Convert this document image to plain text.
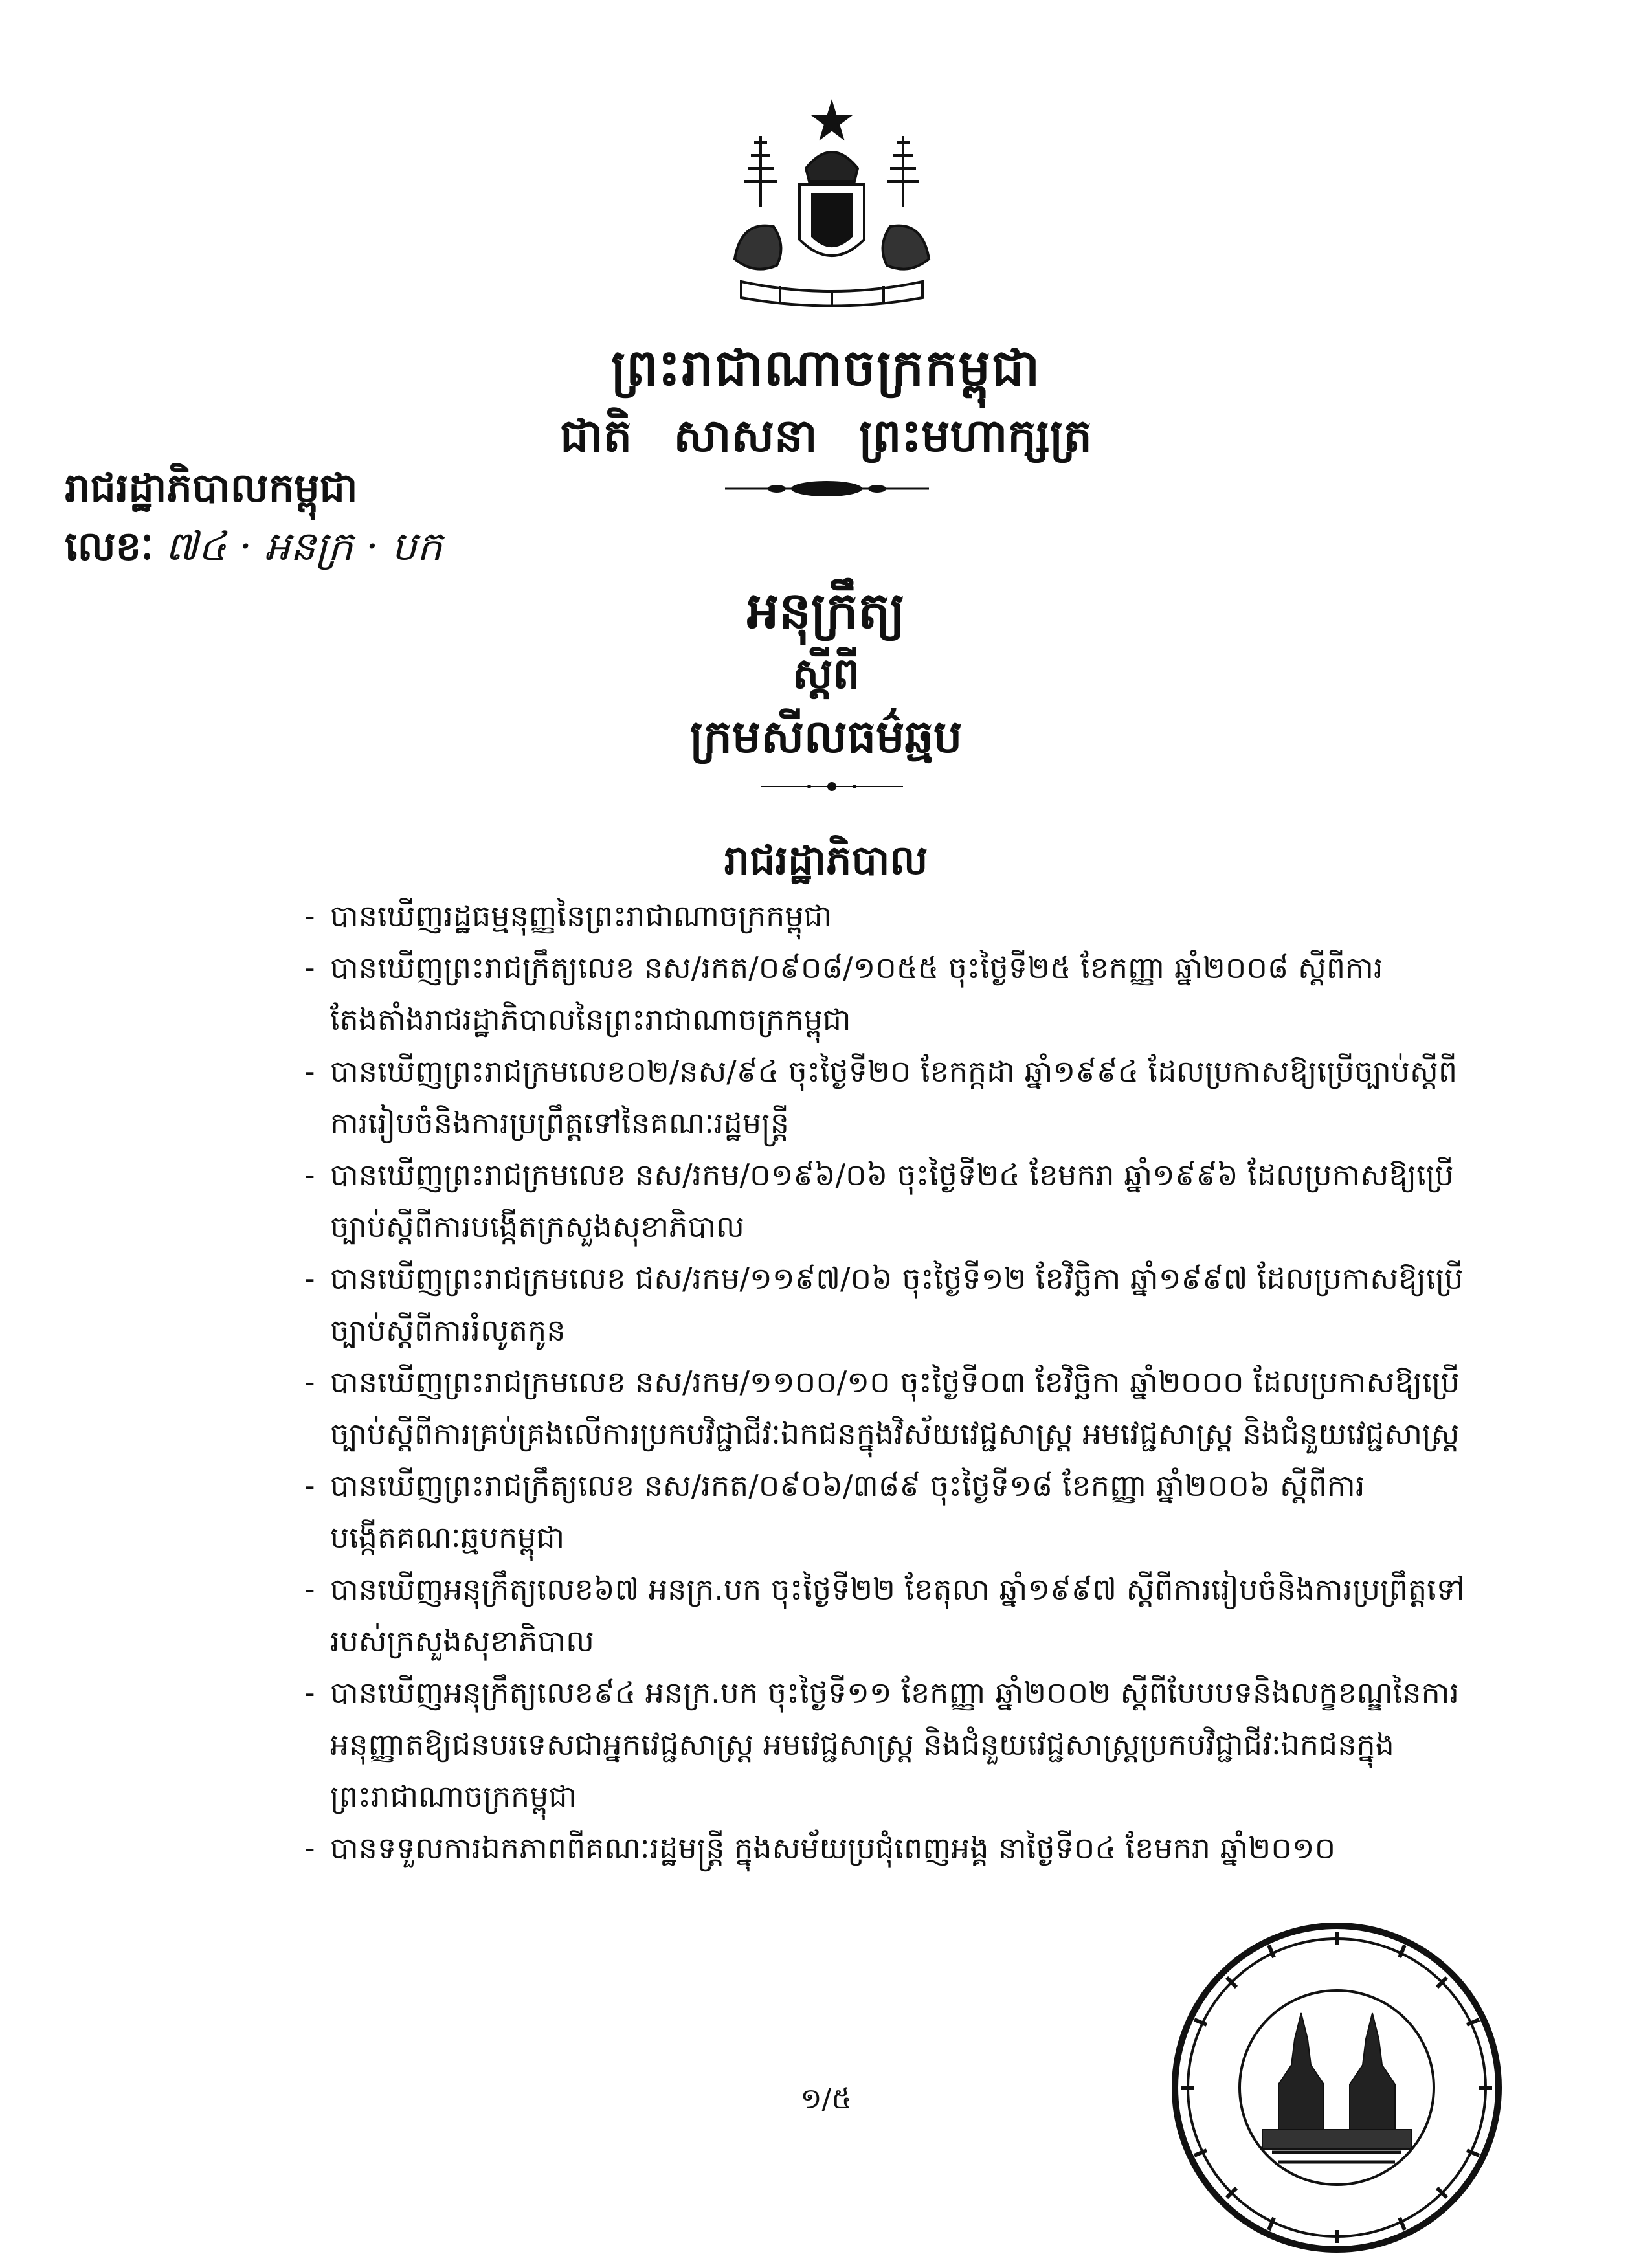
ព្រះរាជាណាចក្រកម្ពុជា
ជាតិ សាសនា ព្រះមហាក្សត្រ
រាជរដ្ឋាភិបាលកម្ពុជា
លេខៈ ៧៤ · អនក្រ · បក
អនុក្រឹត្យ
ស្តីពី
ក្រមសីលធម៌ឆ្មប
រាជរដ្ឋាភិបាល
- បានឃើញរដ្ឋធម្មនុញ្ញនៃព្រះរាជាណាចក្រកម្ពុជា
- បានឃើញព្រះរាជក្រឹត្យលេខ នស/រកត/០៩០៨/១០៥៥ ចុះថ្ងៃទី២៥ ខែកញ្ញា ឆ្នាំ២០០៨ ស្តីពីការតែងតាំងរាជរដ្ឋាភិបាលនៃព្រះរាជាណាចក្រកម្ពុជា
- បានឃើញព្រះរាជក្រមលេខ០២/នស/៩៤ ចុះថ្ងៃទី២០ ខែកក្កដា ឆ្នាំ១៩៩៤ ដែលប្រកាសឱ្យប្រើច្បាប់ស្តីពីការរៀបចំនិងការប្រព្រឹត្តទៅនៃគណៈរដ្ឋមន្ត្រី
- បានឃើញព្រះរាជក្រមលេខ នស/រកម/០១៩៦/០៦ ចុះថ្ងៃទី២៤ ខែមករា ឆ្នាំ១៩៩៦ ដែលប្រកាសឱ្យប្រើច្បាប់ស្តីពីការបង្កើតក្រសួងសុខាភិបាល
- បានឃើញព្រះរាជក្រមលេខ ជស/រកម/១១៩៧/០៦ ចុះថ្ងៃទី១២ ខែវិច្ឆិកា ឆ្នាំ១៩៩៧ ដែលប្រកាសឱ្យប្រើច្បាប់ស្តីពីការរំលូតកូន
- បានឃើញព្រះរាជក្រមលេខ នស/រកម/១១០០/១០ ចុះថ្ងៃទី០៣ ខែវិច្ឆិកា ឆ្នាំ២០០០ ដែលប្រកាសឱ្យប្រើច្បាប់ស្តីពីការគ្រប់គ្រងលើការប្រកបវិជ្ជាជីវៈឯកជនក្នុងវិស័យវេជ្ជសាស្ត្រ អមវេជ្ជសាស្ត្រ និងជំនួយវេជ្ជសាស្ត្រ
- បានឃើញព្រះរាជក្រឹត្យលេខ នស/រកត/០៩០៦/៣៨៩ ចុះថ្ងៃទី១៨ ខែកញ្ញា ឆ្នាំ២០០៦ ស្តីពីការបង្កើតគណៈឆ្មបកម្ពុជា
- បានឃើញអនុក្រឹត្យលេខ៦៧ អនក្រ.បក ចុះថ្ងៃទី២២ ខែតុលា ឆ្នាំ១៩៩៧ ស្តីពីការរៀបចំនិងការប្រព្រឹត្តទៅរបស់ក្រសួងសុខាភិបាល
- បានឃើញអនុក្រឹត្យលេខ៩៤ អនក្រ.បក ចុះថ្ងៃទី១១ ខែកញ្ញា ឆ្នាំ២០០២ ស្តីពីបែបបទនិងលក្ខខណ្ឌនៃការអនុញ្ញាតឱ្យជនបរទេសជាអ្នកវេជ្ជសាស្ត្រ អមវេជ្ជសាស្ត្រ និងជំនួយវេជ្ជសាស្ត្រប្រកបវិជ្ជាជីវៈឯកជនក្នុងព្រះរាជាណាចក្រកម្ពុជា
- បានទទួលការឯកភាពពីគណៈរដ្ឋមន្ត្រី ក្នុងសម័យប្រជុំពេញអង្គ នាថ្ងៃទី០៤ ខែមករា ឆ្នាំ២០១០
១/៥
